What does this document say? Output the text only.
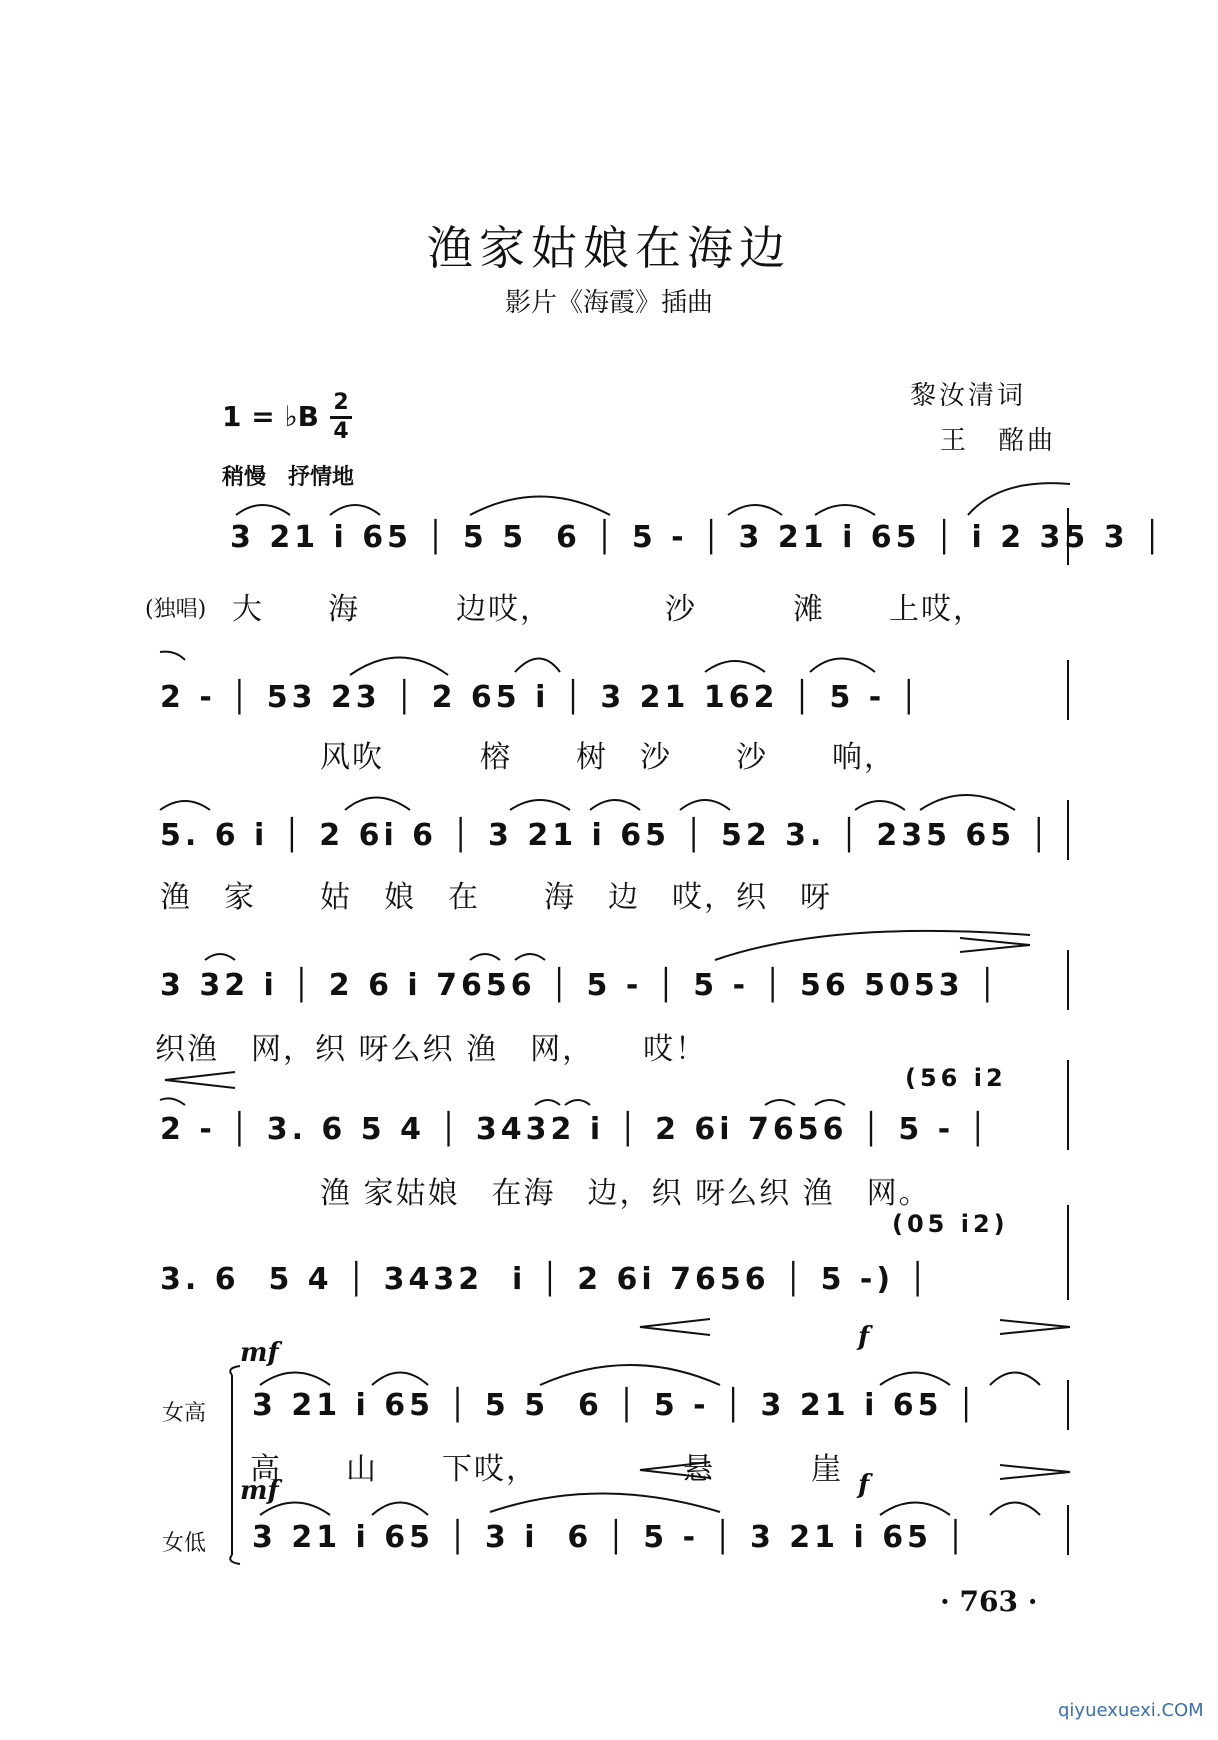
渔家姑娘在海边
影片《海霞》插曲
黎汝清词
王　酩曲
1 = ♭B 2
4
稍慢　抒情地
3 21 i 65 │ 5 5  6 │ 5 - │ 3 21 i 65 │ i 2 35 3 │
(独唱) 大　　海　　　边哎，　　　　沙　　　滩　　上哎，
2 - │ 53 23 │ 2 65 i │ 3 21 162 │ 5 - │
风吹　　　榕　　树　沙　　沙　　响，
5. 6 i │ 2 6i 6 │ 3 21 i 65 │ 52 3. │ 235 65 │
渔　家　　姑　娘　在　　海　边　哎，织　呀
3 32 i │ 2 6 i 7656 │ 5 - │ 5 - │ 56 5053 │
织渔　网，织 呀么织 渔　网，　　哎！
(56 i2
2 - │ 3. 6 5 4 │ 3432 i │ 2 6i 7656 │ 5 - │
渔 家姑娘　在海　边，织 呀么织 渔　网。
(05 i2)
3. 6  5 4 │ 3432  i │ 2 6i 7656 │ 5 -) │
mf
f
女高 3 21 i 65 │ 5 5  6 │ 5 - │ 3 21 i 65 │
高　　山　　下哎，　　　　　悬　　　崖
mf	f
女低 3 21 i 65 │ 3 i  6 │ 5 - │ 3 21 i 65 │
· 763 ·
qiyuexuexi.COM
